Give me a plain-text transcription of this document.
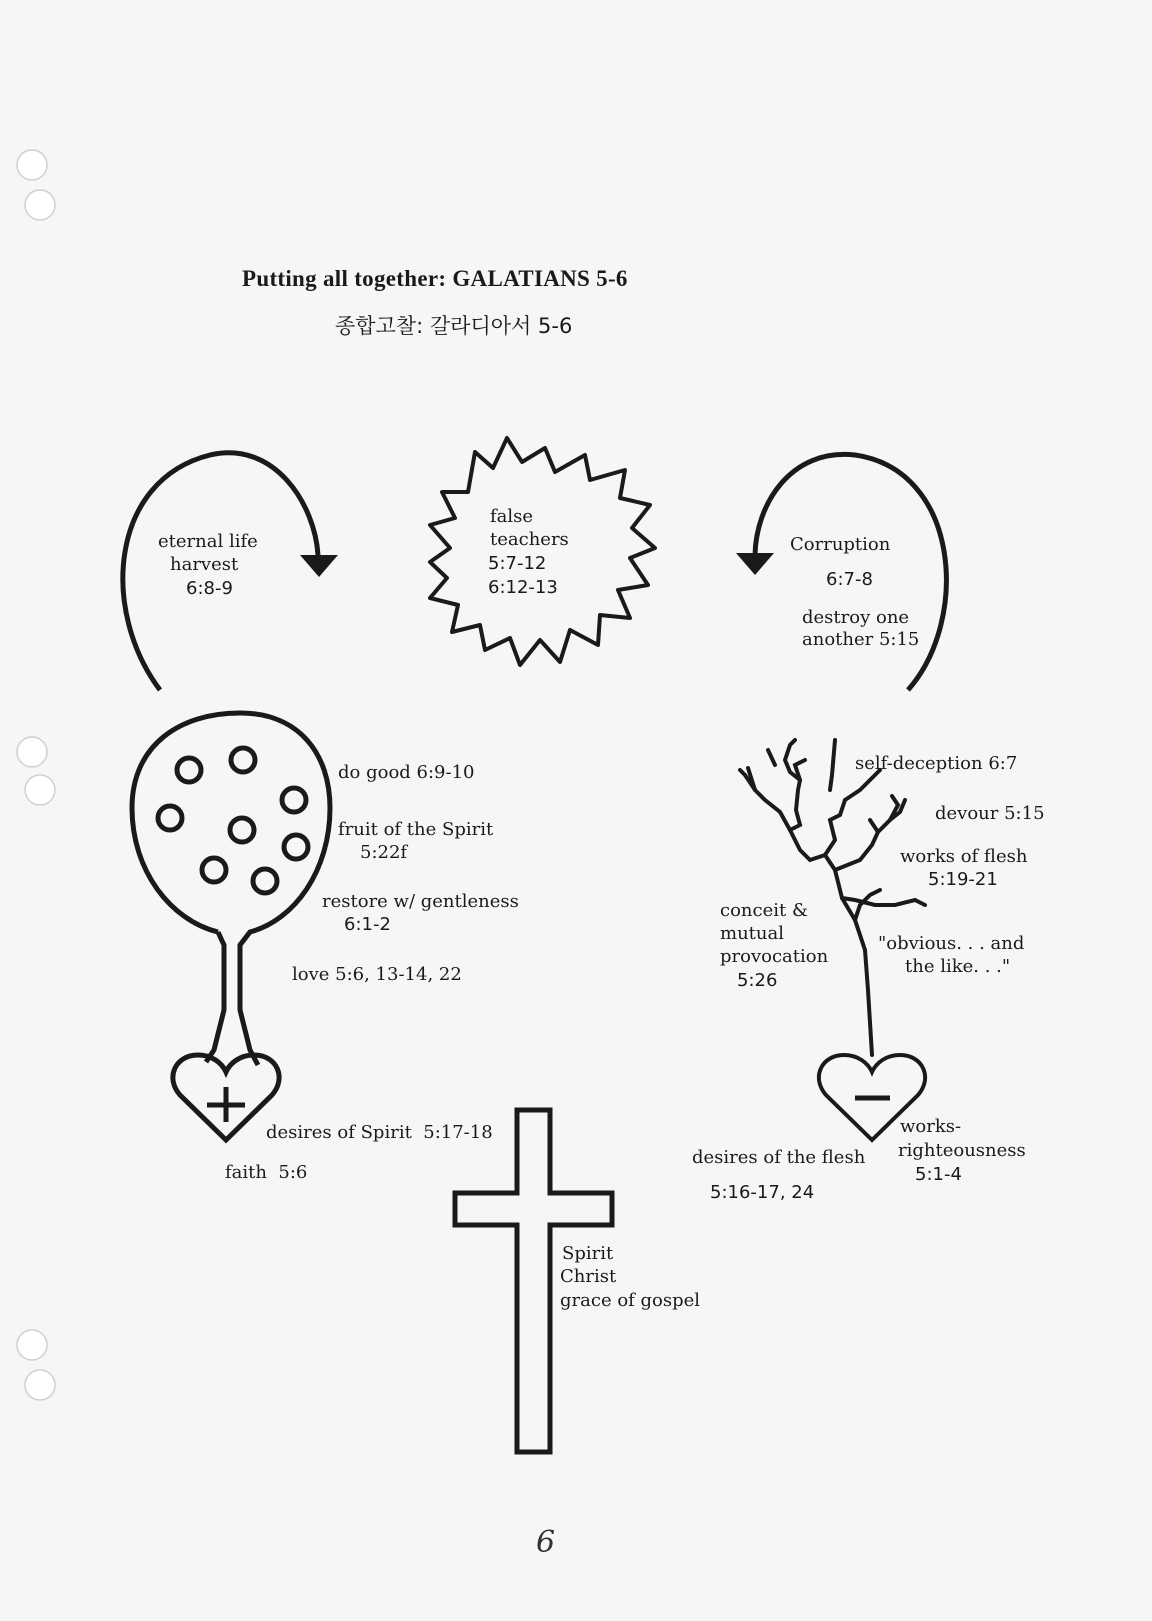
Putting all together: GALATIANS 5-6
종합고찰: 갈라디아서 5-6
eternal life
harvest
6:8-9
false
teachers
5:7-12
6:12-13
Corruption
6:7-8
destroy one
another 5:15
do good 6:9-10
fruit of the Spirit
5:22f
restore w/ gentleness
6:1-2
love 5:6, 13-14, 22
desires of Spirit  5:17-18
faith  5:6
self-deception 6:7
devour 5:15
works of flesh
5:19-21
conceit &
mutual
provocation
5:26
"obvious. . . and
the like. . ."
works-
righteousness
5:1-4
desires of the flesh
5:16-17, 24
Spirit
Christ
grace of gospel
6
